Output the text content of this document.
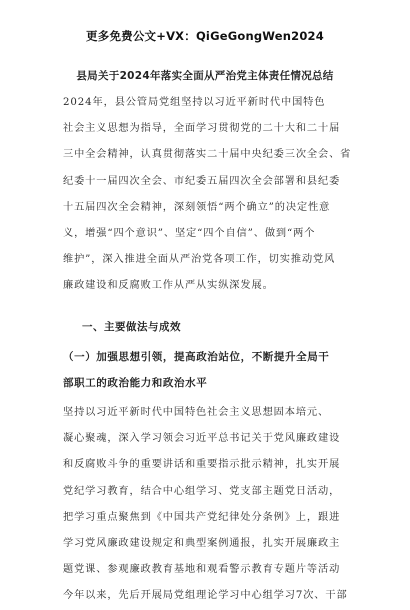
更多免费公文+VX：QiGeGongWen2024
县局关于2024年落实全面从严治党主体责任情况总结
2024年，县公管局党组坚持以习近平新时代中国特色
社会主义思想为指导，全面学习贯彻党的二十大和二十届
三中全会精神，认真贯彻落实二十届中央纪委三次全会、省
纪委十一届四次全会、市纪委五届四次全会部署和县纪委
十五届四次全会精神，深刻领悟“两个确立”的决定性意
义，增强“四个意识”、坚定“四个自信”、做到“两个
维护”，深入推进全面从严治党各项工作，切实推动党风
廉政建设和反腐败工作从严从实纵深发展。
一、主要做法与成效
（一）加强思想引领，提高政治站位，不断提升全局干
部职工的政治能力和政治水平
坚持以习近平新时代中国特色社会主义思想固本培元、
凝心聚魂，深入学习领会习近平总书记关于党风廉政建设
和反腐败斗争的重要讲话和重要指示批示精神，扎实开展
党纪学习教育，结合中心组学习、党支部主题党日活动，
把学习重点聚焦到《中国共产党纪律处分条例》上，跟进
学习党风廉政建设规定和典型案例通报，扎实开展廉政主
题党课、参观廉政教育基地和观看警示教育专题片等活动
今年以来，先后开展局党组理论学习中心组学习7次、干部
